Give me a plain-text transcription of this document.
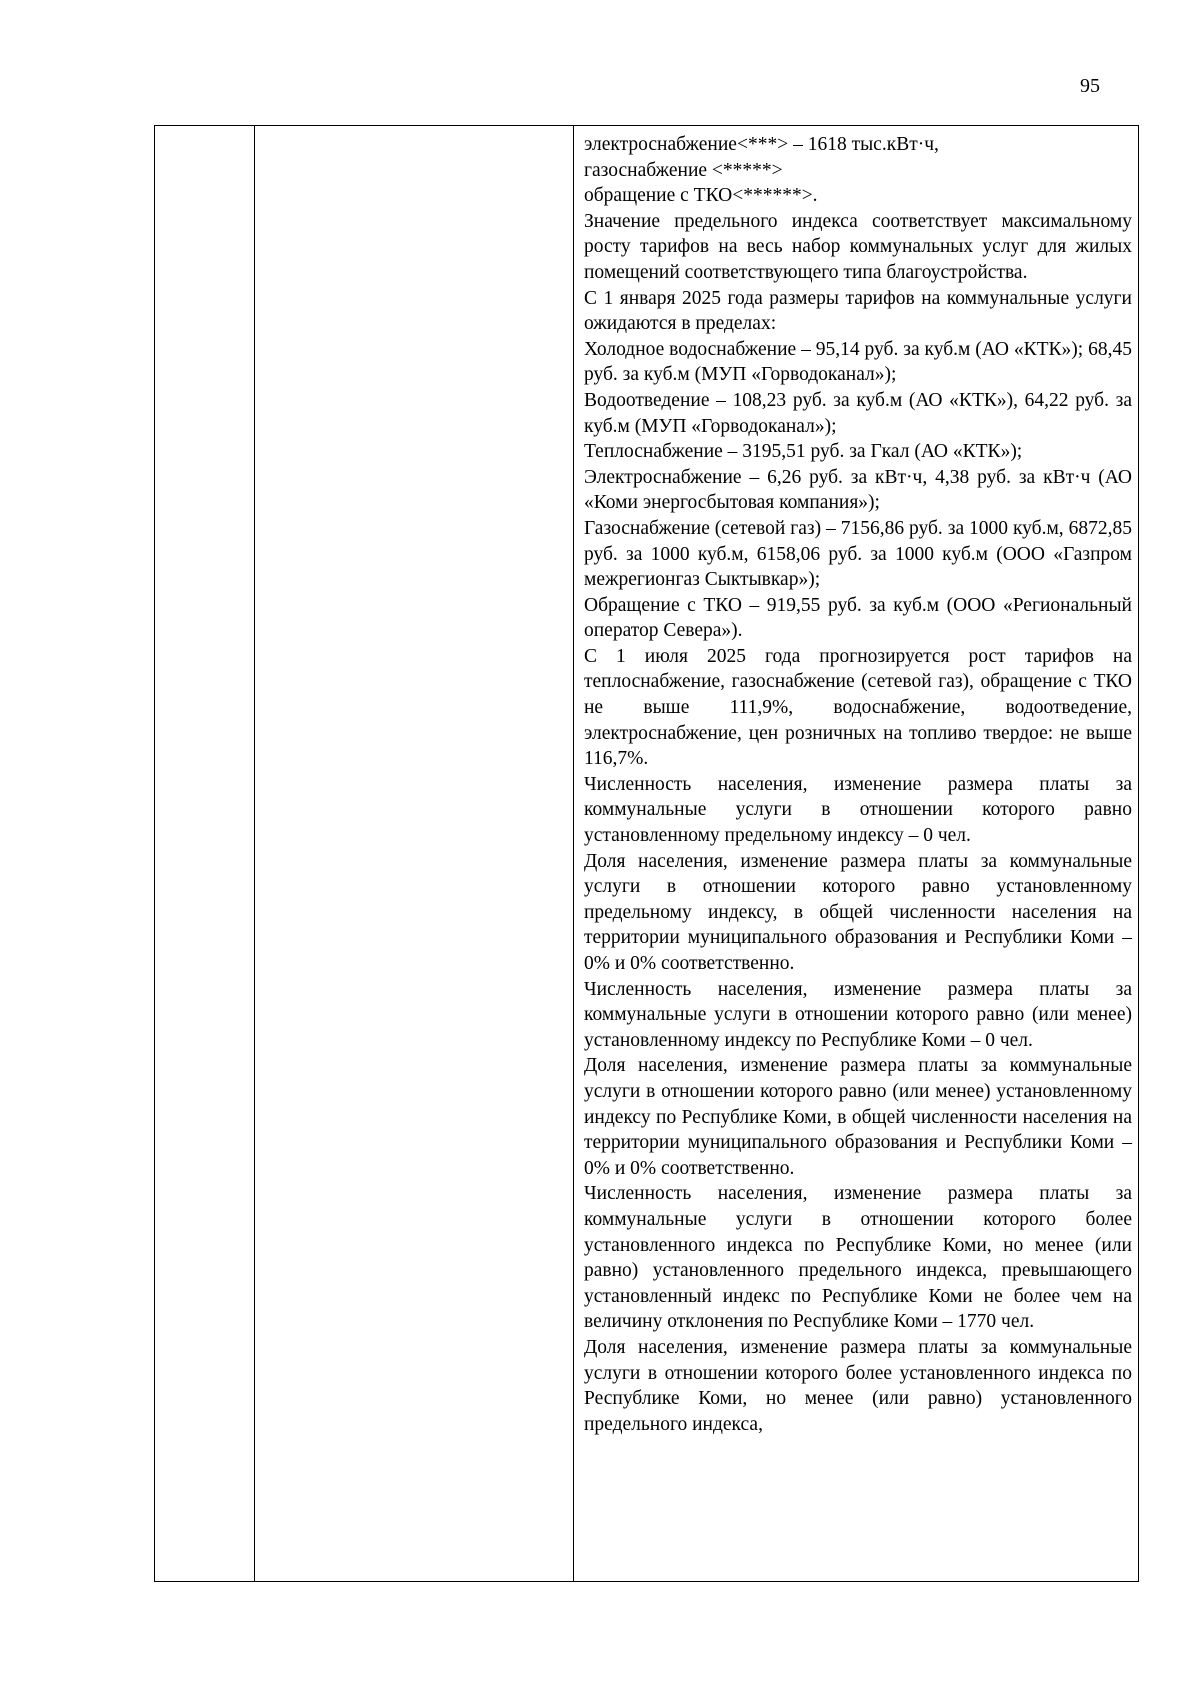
95

электроснабжение<***> – 1618 тыс.кВт·ч,

газоснабжение <*****>

обращение с ТКО<******>.

Значение предельного индекса соответствует максимальному росту тарифов на весь набор коммунальных услуг для жилых помещений соответствующего типа благоустройства.

С 1 января 2025 года размеры тарифов на коммунальные услуги ожидаются в пределах:

Холодное водоснабжение – 95,14 руб. за куб.м (АО «КТК»); 68,45 руб. за куб.м (МУП «Горводоканал»);

Водоотведение – 108,23 руб. за куб.м (АО «КТК»), 64,22 руб. за куб.м (МУП «Горводоканал»);

Теплоснабжение – 3195,51 руб. за Гкал (АО «КТК»);

Электроснабжение – 6,26 руб. за кВт·ч, 4,38 руб. за кВт·ч (АО «Коми энергосбытовая компания»);

Газоснабжение (сетевой газ) – 7156,86 руб. за 1000 куб.м, 6872,85 руб. за 1000 куб.м, 6158,06 руб. за 1000 куб.м (ООО «Газпром межрегионгаз Сыктывкар»);

Обращение с ТКО – 919,55 руб. за куб.м (ООО «Региональный оператор Севера»).

С 1 июля 2025 года прогнозируется рост тарифов на теплоснабжение, газоснабжение (сетевой газ), обращение с ТКО не выше 111,9%, водоснабжение, водоотведение, электроснабжение, цен розничных на топливо твердое: не выше 116,7%.

Численность населения, изменение размера платы за коммунальные услуги в отношении которого равно установленному предельному индексу – 0 чел.

Доля населения, изменение размера платы за коммунальные услуги в отношении которого равно установленному предельному индексу, в общей численности населения на территории муниципального образования и Республики Коми – 0% и 0% соответственно.

Численность населения, изменение размера платы за коммунальные услуги в отношении которого равно (или менее) установленному индексу по Республике Коми – 0 чел.

Доля населения, изменение размера платы за коммунальные услуги в отношении которого равно (или менее) установленному индексу по Республике Коми, в общей численности населения на территории муниципального образования и Республики Коми – 0% и 0% соответственно.

Численность населения, изменение размера платы за коммунальные услуги в отношении которого более установленного индекса по Республике Коми, но менее (или равно) установленного предельного индекса, превышающего установленный индекс по Республике Коми не более чем на величину отклонения по Республике Коми – 1770 чел.

Доля населения, изменение размера платы за коммунальные услуги в отношении которого более установленного индекса по Республике Коми, но менее (или равно) установленного предельного индекса,
